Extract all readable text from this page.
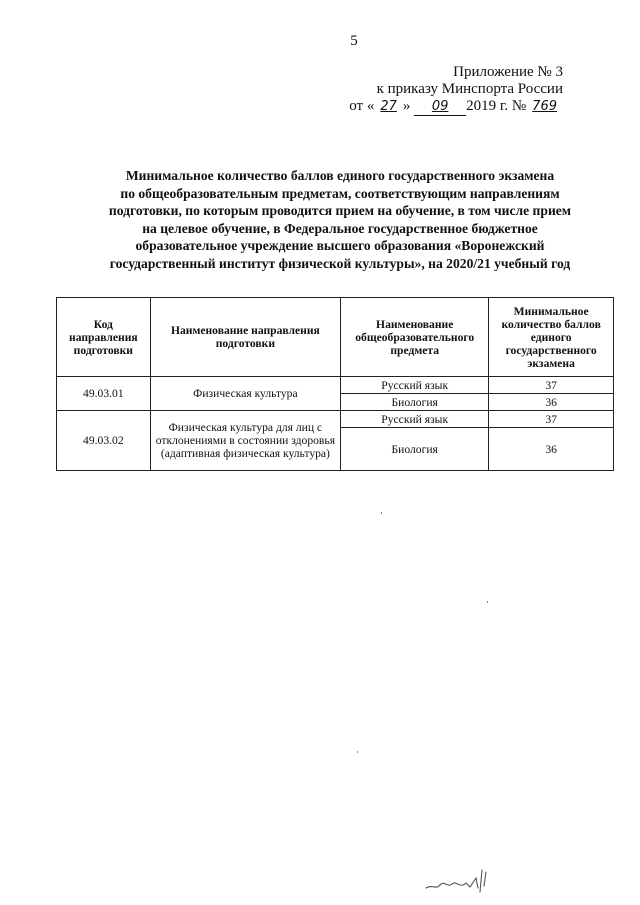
5
Приложение № 3
к приказу Минспорта России
от « 27 » 09 2019 г. № 769
Минимальное количество баллов единого государственного экзамена
по общеобразовательным предметам, соответствующим направлениям
подготовки, по которым проводится прием на обучение, в том числе прием
на целевое обучение, в Федеральное государственное бюджетное
образовательное учреждение высшего образования «Воронежский
государственный институт физической культуры», на 2020/21 учебный год
Код направления подготовки	Наименование направления подготовки	Наименование общеобразовательного предмета	Минимальное количество баллов единого государственного экзамена
49.03.01	Физическая культура	Русский язык	37
		Биология	36
49.03.02	Физическая культура для лиц с отклонениями в состоянии здоровья (адаптивная физическая культура)	Русский язык	37
		Биология	36
